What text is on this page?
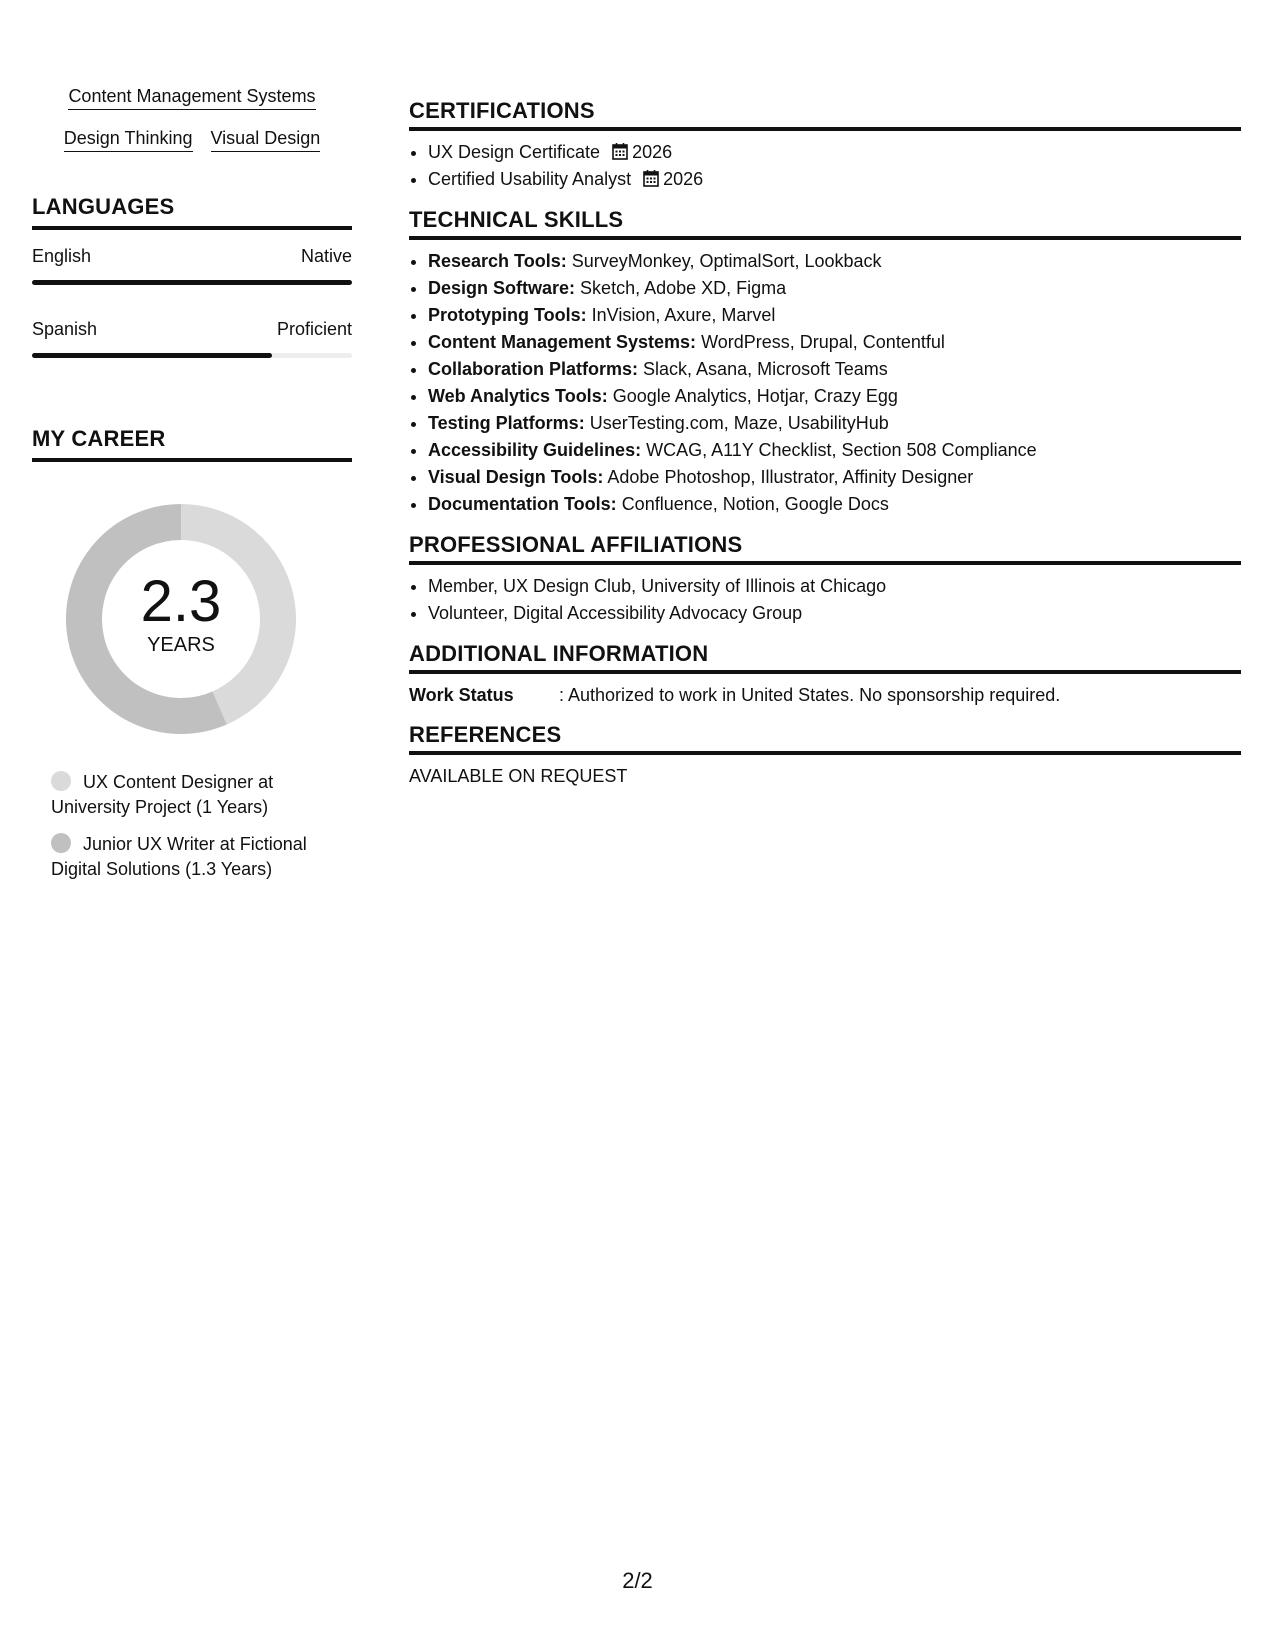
Content Management Systems
Design Thinking Visual Design
LANGUAGES
English	Native
Spanish	Proficient
MY CAREER
2.3
YEARS
UX Content Designer at University Project (1 Years)
Junior UX Writer at Fictional Digital Solutions (1.3 Years)
CERTIFICATIONS
• UX Design Certificate 2026
• Certified Usability Analyst 2026
TECHNICAL SKILLS
• Research Tools: SurveyMonkey, OptimalSort, Lookback
• Design Software: Sketch, Adobe XD, Figma
• Prototyping Tools: InVision, Axure, Marvel
• Content Management Systems: WordPress, Drupal, Contentful
• Collaboration Platforms: Slack, Asana, Microsoft Teams
• Web Analytics Tools: Google Analytics, Hotjar, Crazy Egg
• Testing Platforms: UserTesting.com, Maze, UsabilityHub
• Accessibility Guidelines: WCAG, A11Y Checklist, Section 508 Compliance
• Visual Design Tools: Adobe Photoshop, Illustrator, Affinity Designer
• Documentation Tools: Confluence, Notion, Google Docs
PROFESSIONAL AFFILIATIONS
• Member, UX Design Club, University of Illinois at Chicago
• Volunteer, Digital Accessibility Advocacy Group
ADDITIONAL INFORMATION
Work Status	: Authorized to work in United States. No sponsorship required.
REFERENCES
AVAILABLE ON REQUEST
2/2
